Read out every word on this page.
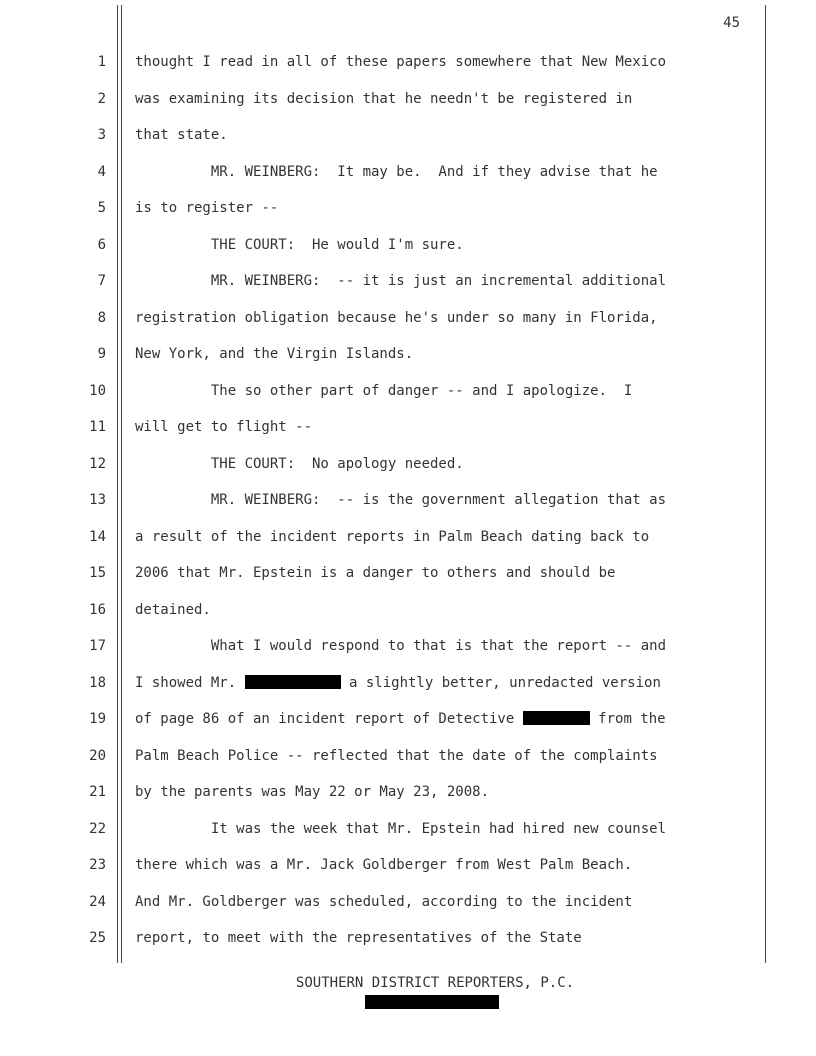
45
1 thought I read in all of these papers somewhere that New Mexico
2 was examining its decision that he needn't be registered in
3 that state.
4 MR. WEINBERG:  It may be.  And if they advise that he
5 is to register --
6 THE COURT:  He would I'm sure.
7 MR. WEINBERG:  -- it is just an incremental additional
8 registration obligation because he's under so many in Florida,
9 New York, and the Virgin Islands.
10 The so other part of danger -- and I apologize.  I
11 will get to flight --
12 THE COURT:  No apology needed.
13 MR. WEINBERG:  -- is the government allegation that as
14 a result of the incident reports in Palm Beach dating back to
15 2006 that Mr. Epstein is a danger to others and should be
16 detained.
17 What I would respond to that is that the report -- and
18 I showed Mr.	a slightly better, unredacted version
19 of page 86 of an incident report of Detective	from the
20 Palm Beach Police -- reflected that the date of the complaints
21 by the parents was May 22 or May 23, 2008.
22 It was the week that Mr. Epstein had hired new counsel
23 there which was a Mr. Jack Goldberger from West Palm Beach.
24 And Mr. Goldberger was scheduled, according to the incident
25 report, to meet with the representatives of the State
SOUTHERN DISTRICT REPORTERS, P.C.
